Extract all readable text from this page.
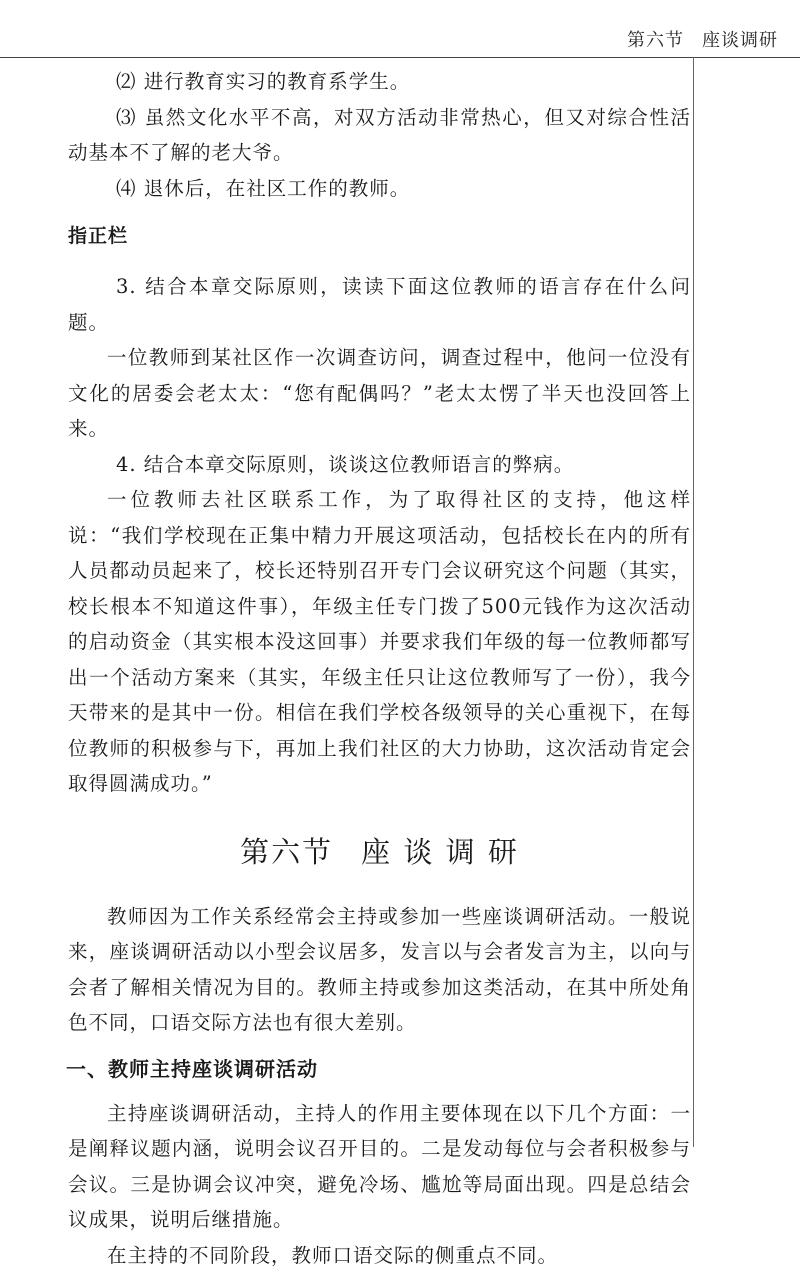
第六节 座谈调研

⑵ 进行教育实习的教育系学生。

⑶ 虽然文化水平不高，对双方活动非常热心，但又对综合性活动基本不了解的老大爷。

⑷ 退休后，在社区工作的教师。

指正栏

3. 结合本章交际原则，读读下面这位教师的语言存在什么问题。

一位教师到某社区作一次调查访问，调查过程中，他问一位没有文化的居委会老太太：“您有配偶吗？”老太太愣了半天也没回答上来。

4. 结合本章交际原则，谈谈这位教师语言的弊病。

一位教师去社区联系工作，为了取得社区的支持，他这样说：“我们学校现在正集中精力开展这项活动，包括校长在内的所有人员都动员起来了，校长还特别召开专门会议研究这个问题（其实，校长根本不知道这件事），年级主任专门拨了500元钱作为这次活动的启动资金（其实根本没这回事）并要求我们年级的每一位教师都写出一个活动方案来（其实，年级主任只让这位教师写了一份），我今天带来的是其中一份。相信在我们学校各级领导的关心重视下，在每位教师的积极参与下，再加上我们社区的大力协助，这次活动肯定会取得圆满成功。”

第六节 座 谈 调 研

教师因为工作关系经常会主持或参加一些座谈调研活动。一般说来，座谈调研活动以小型会议居多，发言以与会者发言为主，以向与会者了解相关情况为目的。教师主持或参加这类活动，在其中所处角色不同，口语交际方法也有很大差别。

一、教师主持座谈调研活动

主持座谈调研活动，主持人的作用主要体现在以下几个方面：一是阐释议题内涵，说明会议召开目的。二是发动每位与会者积极参与会议。三是协调会议冲突，避免冷场、尴尬等局面出现。四是总结会议成果，说明后继措施。

在主持的不同阶段，教师口语交际的侧重点不同。
